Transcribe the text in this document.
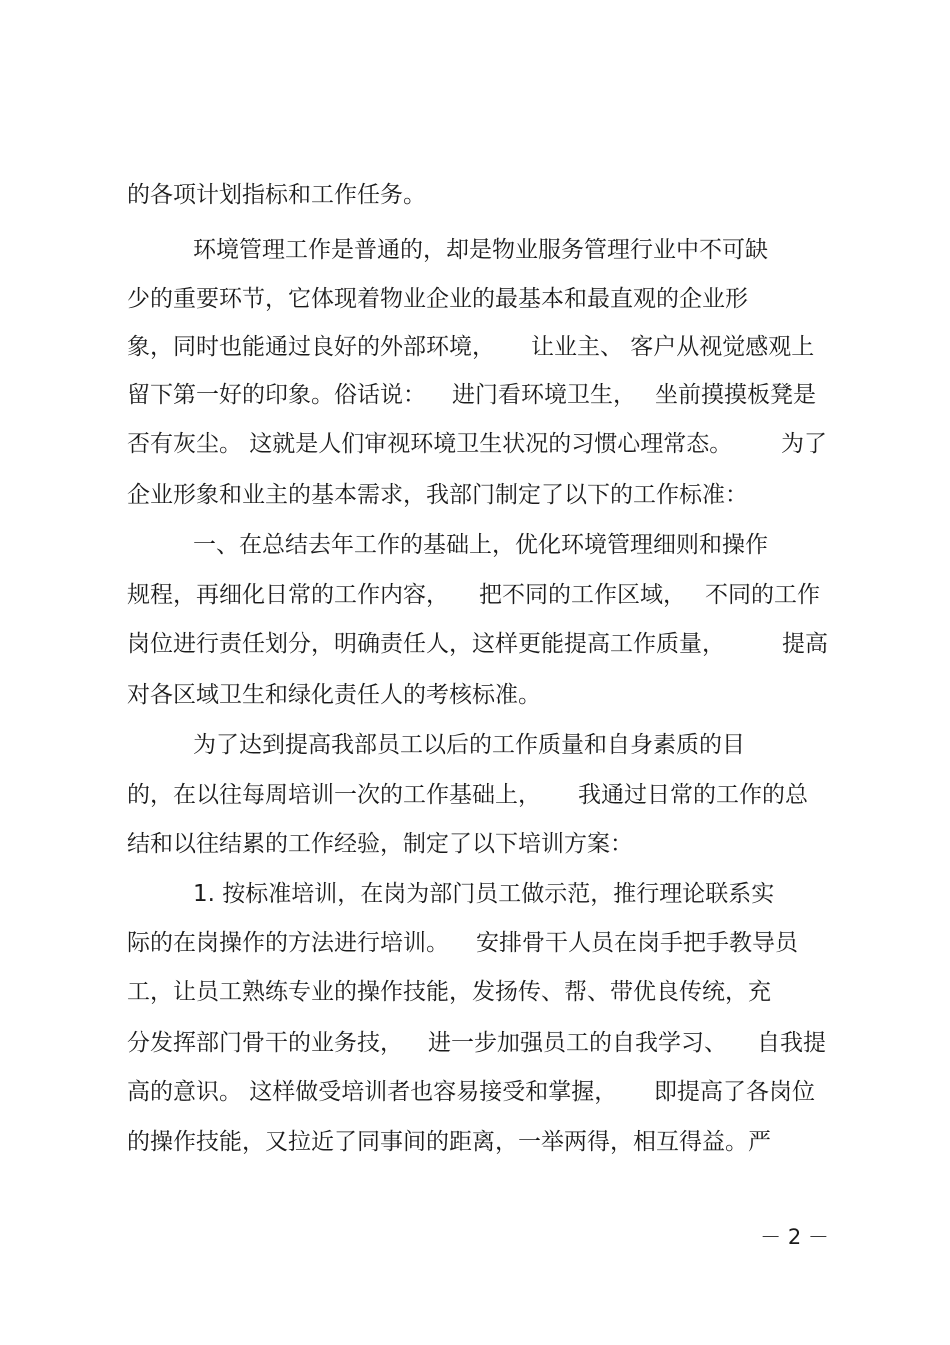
的各项计划指标和工作任务。
环境管理工作是普通的，却是物业服务管理行业中不可缺
少的重要环节，它体现着物业企业的最基本和最直观的企业形
象，同时也能通过良好的外部环境， 让业主、 客户从视觉感观上
留下第一好的印象。俗话说： 进门看环境卫生， 坐前摸摸板凳是
否有灰尘。 这就是人们审视环境卫生状况的习惯心理常态。 为了
企业形象和业主的基本需求，我部门制定了以下的工作标准：
一、在总结去年工作的基础上，优化环境管理细则和操作
规程，再细化日常的工作内容， 把不同的工作区域， 不同的工作
岗位进行责任划分，明确责任人，这样更能提高工作质量， 提高
对各区域卫生和绿化责任人的考核标准。
为了达到提高我部员工以后的工作质量和自身素质的目
的，在以往每周培训一次的工作基础上， 我通过日常的工作的总
结和以往结累的工作经验，制定了以下培训方案：
1. 按标准培训，在岗为部门员工做示范，推行理论联系实
际的在岗操作的方法进行培训。 安排骨干人员在岗手把手教导员
工，让员工熟练专业的操作技能，发扬传、帮、带优良传统，充
分发挥部门骨干的业务技， 进一步加强员工的自我学习、 自我提
高的意识。 这样做受培训者也容易接受和掌握， 即提高了各岗位
的操作技能，又拉近了同事间的距离，一举两得，相互得益。严
－ 2 －
